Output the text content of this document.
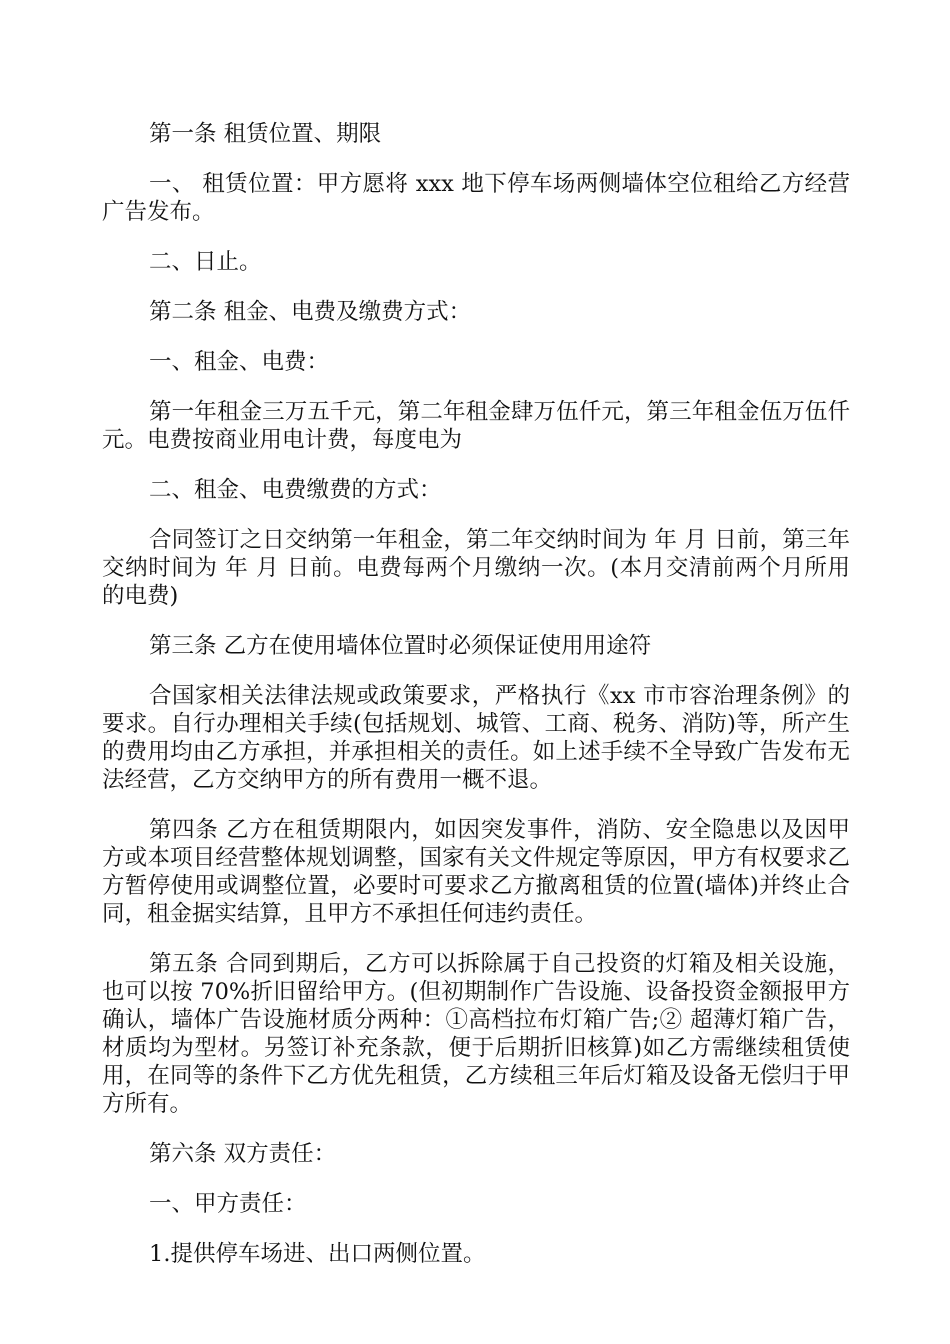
第一条 租赁位置、期限

一、 租赁位置：甲方愿将 xxx 地下停车场两侧墙体空位租给乙方经营广告发布。

二、日止。

第二条 租金、电费及缴费方式：

一、租金、电费：

第一年租金三万五千元，第二年租金肆万伍仟元，第三年租金伍万伍仟元。电费按商业用电计费，每度电为

二、租金、电费缴费的方式：

合同签订之日交纳第一年租金，第二年交纳时间为 年 月 日前，第三年交纳时间为 年 月 日前。电费每两个月缴纳一次。(本月交清前两个月所用的电费)

第三条 乙方在使用墙体位置时必须保证使用用途符

合国家相关法律法规或政策要求，严格执行《xx 市市容治理条例》的要求。自行办理相关手续(包括规划、城管、工商、税务、消防)等，所产生的费用均由乙方承担，并承担相关的责任。如上述手续不全导致广告发布无法经营，乙方交纳甲方的所有费用一概不退。

第四条 乙方在租赁期限内，如因突发事件，消防、安全隐患以及因甲方或本项目经营整体规划调整，国家有关文件规定等原因，甲方有权要求乙方暂停使用或调整位置，必要时可要求乙方撤离租赁的位置(墙体)并终止合同，租金据实结算，且甲方不承担任何违约责任。

第五条 合同到期后，乙方可以拆除属于自己投资的灯箱及相关设施，也可以按 70%折旧留给甲方。(但初期制作广告设施、设备投资金额报甲方确认，墙体广告设施材质分两种：①高档拉布灯箱广告;② 超薄灯箱广告，材质均为型材。另签订补充条款，便于后期折旧核算)如乙方需继续租赁使用，在同等的条件下乙方优先租赁，乙方续租三年后灯箱及设备无偿归于甲方所有。

第六条 双方责任：

一、甲方责任：

1.提供停车场进、出口两侧位置。
